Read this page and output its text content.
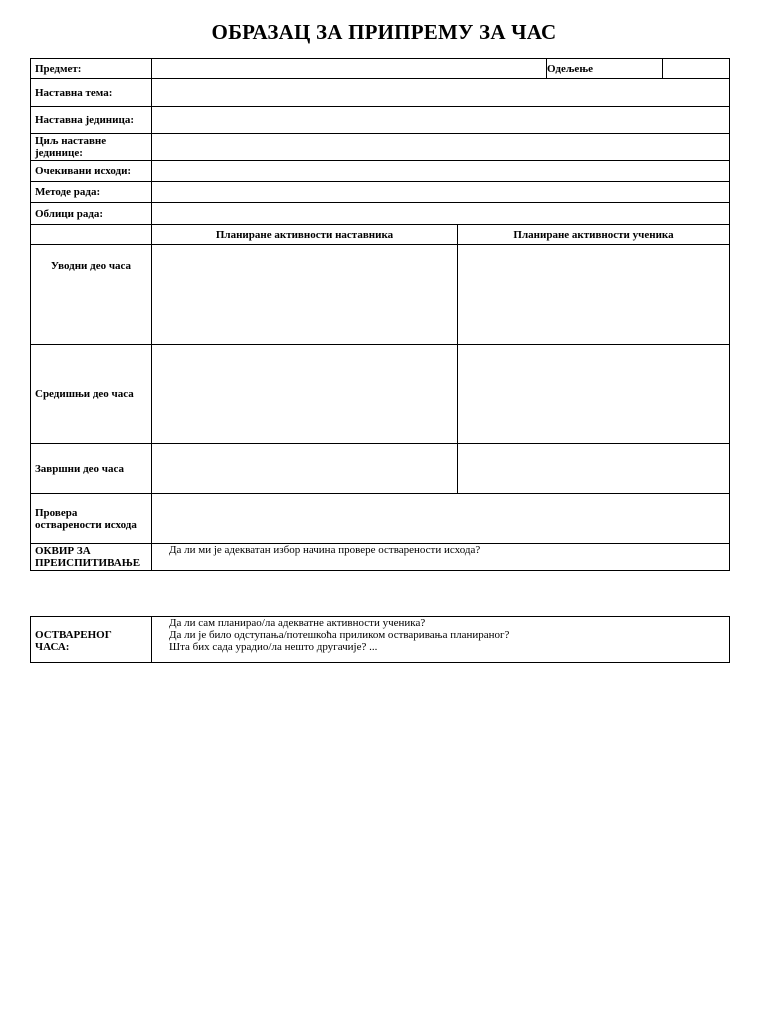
ОБРАЗАЦ ЗА ПРИПРЕМУ ЗА ЧАС
Предмет:	Одељење
Наставна тема:
Наставна јединица:
Циљ наставне јединице:
Очекивани исходи:
Методе рада:
Облици рада:
Планиране активности наставника	Планиране активности ученика
Уводни део часа
Средишњи део часа
Завршни део часа
Провера остварености исхода
ОКВИР ЗА ПРЕИСПИТИВАЊЕ
Да ли ми је адекватан избор начина провере остварености исхода?
ОСТВАРЕНОГ ЧАСА:
Да ли сам планирао/ла адекватне активности ученика?
Да ли је било одступања/потешкоћа приликом остваривања планираног?
Шта бих сада урадио/ла нешто другачије? ...
